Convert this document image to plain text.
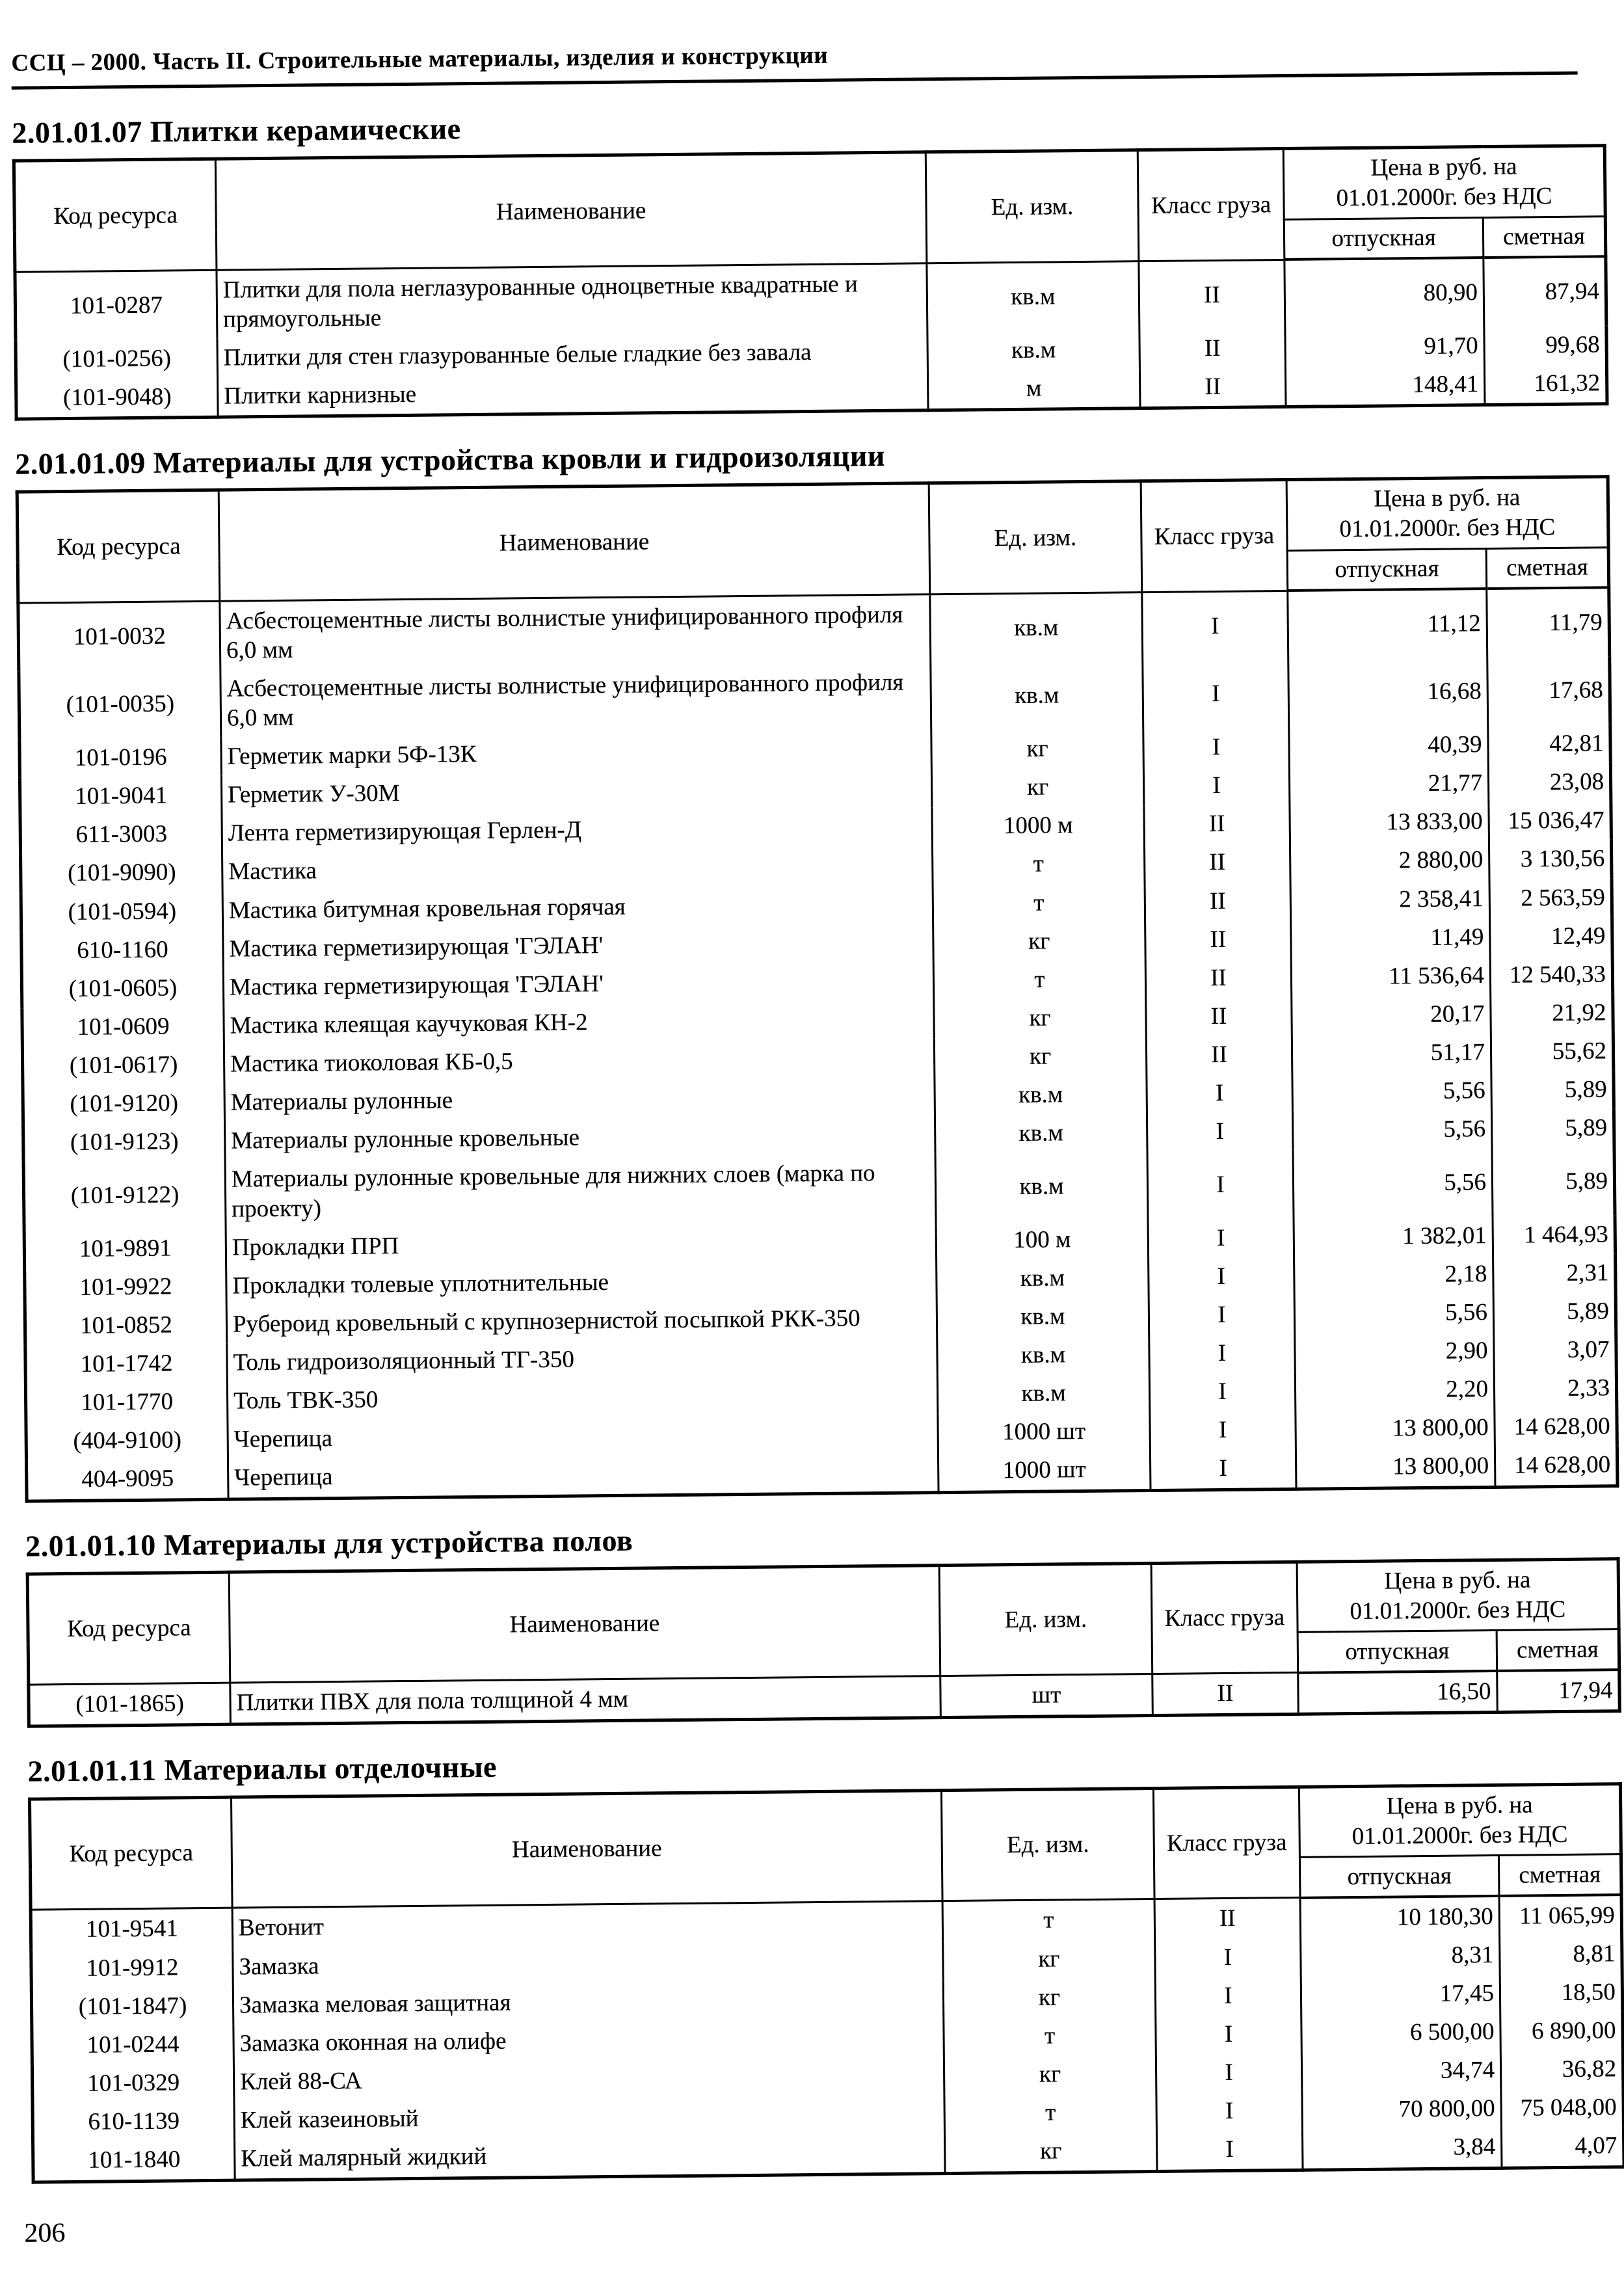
ССЦ – 2000. Часть II. Строительные материалы, изделия и конструкции
2.01.01.07 Плитки керамические
Код ресурса	Наименование	Ед. изм.	Класс груза	Цена в руб. на
01.01.2000г. без НДС	

				отпускная	сметная
101-0287	Плитки для пола неглазурованные одноцветные квадратные и прямоугольные	кв.м	II	80,90	87,94
(101-0256)	Плитки для стен глазурованные белые гладкие без завала	кв.м	II	91,70	99,68
(101-9048)	Плитки карнизные	м	II	148,41	161,32
2.01.01.09 Материалы для устройства кровли и гидроизоляции
Код ресурса	Наименование	Ед. изм.	Класс груза	Цена в руб. на
01.01.2000г. без НДС	

				отпускная	сметная
101-0032	Асбестоцементные листы волнистые унифицированного профиля 6,0 мм	кв.м	I	11,12	11,79
(101-0035)	Асбестоцементные листы волнистые унифицированного профиля 6,0 мм	кв.м	I	16,68	17,68
101-0196	Герметик марки 5Ф-13К	кг	I	40,39	42,81
101-9041	Герметик У-30М	кг	I	21,77	23,08
611-3003	Лента герметизирующая Герлен-Д	1000 м	II	13 833,00	15 036,47
(101-9090)	Мастика	т	II	2 880,00	3 130,56
(101-0594)	Мастика битумная кровельная горячая	т	II	2 358,41	2 563,59
610-1160	Мастика герметизирующая 'ГЭЛАН'	кг	II	11,49	12,49
(101-0605)	Мастика герметизирующая 'ГЭЛАН'	т	II	11 536,64	12 540,33
101-0609	Мастика клеящая каучуковая КН-2	кг	II	20,17	21,92
(101-0617)	Мастика тиоколовая КБ-0,5	кг	II	51,17	55,62
(101-9120)	Материалы рулонные	кв.м	I	5,56	5,89
(101-9123)	Материалы рулонные кровельные	кв.м	I	5,56	5,89
(101-9122)	Материалы рулонные кровельные для нижних слоев (марка по проекту)	кв.м	I	5,56	5,89
101-9891	Прокладки ПРП	100 м	I	1 382,01	1 464,93
101-9922	Прокладки толевые уплотнительные	кв.м	I	2,18	2,31
101-0852	Рубероид кровельный с крупнозернистой посыпкой РКК-350	кв.м	I	5,56	5,89
101-1742	Толь гидроизоляционный ТГ-350	кв.м	I	2,90	3,07
101-1770	Толь ТВК-350	кв.м	I	2,20	2,33
(404-9100)	Черепица	1000 шт	I	13 800,00	14 628,00
404-9095	Черепица	1000 шт	I	13 800,00	14 628,00
2.01.01.10 Материалы для устройства полов
Код ресурса	Наименование	Ед. изм.	Класс груза	Цена в руб. на
01.01.2000г. без НДС	

				отпускная	сметная
(101-1865)	Плитки ПВХ для пола толщиной 4 мм	шт	II	16,50	17,94
2.01.01.11 Материалы отделочные
Код ресурса	Наименование	Ед. изм.	Класс груза	Цена в руб. на
01.01.2000г. без НДС	

				отпускная	сметная
101-9541	Ветонит	т	II	10 180,30	11 065,99
101-9912	Замазка	кг	I	8,31	8,81
(101-1847)	Замазка меловая защитная	кг	I	17,45	18,50
101-0244	Замазка оконная на олифе	т	I	6 500,00	6 890,00
101-0329	Клей 88-СА	кг	I	34,74	36,82
610-1139	Клей казеиновый	т	I	70 800,00	75 048,00
101-1840	Клей малярный жидкий	кг	I	3,84	4,07
206
